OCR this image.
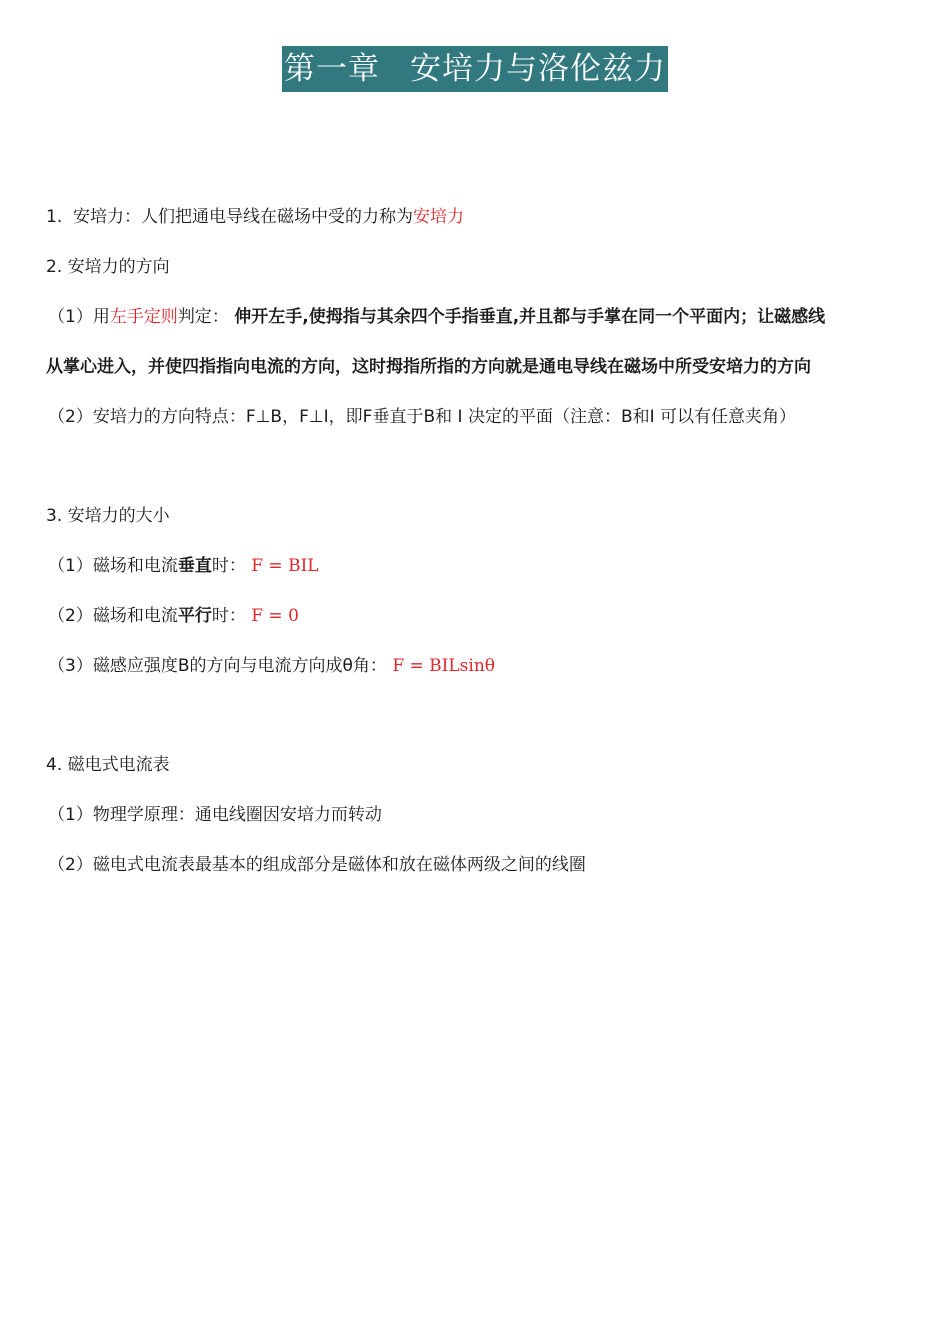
第一章 安培力与洛伦兹力
1. 安培力：人们把通电导线在磁场中受的力称为安培力
2. 安培力的方向
（1）用左手定则判定： 伸开左手,使拇指与其余四个手指垂直,并且都与手掌在同一个平面内；让磁感线
从掌心进入，并使四指指向电流的方向，这时拇指所指的方向就是通电导线在磁场中所受安培力的方向
（2）安培力的方向特点：F⊥B，F⊥I，即F垂直于B和 I 决定的平面（注意：B和I 可以有任意夹角）
3. 安培力的大小
（1）磁场和电流垂直时： F = BIL
（2）磁场和电流平行时： F = 0
（3）磁感应强度B的方向与电流方向成θ角： F = BILsinθ
4. 磁电式电流表
（1）物理学原理：通电线圈因安培力而转动
（2）磁电式电流表最基本的组成部分是磁体和放在磁体两级之间的线圈
